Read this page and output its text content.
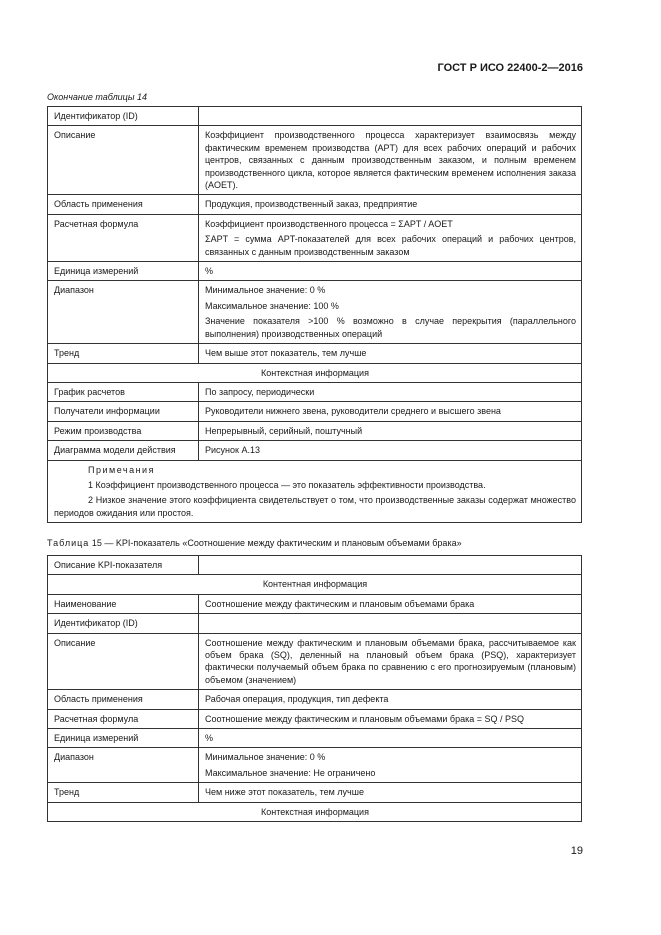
ГОСТ Р ИСО 22400-2—2016
Окончание таблицы 14
Идентификатор (ID)	

Описание	Коэффициент производственного процесса характеризует взаимосвязь между фактическим временем производства (APT) для всех рабочих операций и рабочих центров, связанных с данным производственным заказом, и полным временем производственного цикла, которое является фактическим временем исполнения заказа (AOET).

Область применения	Продукция, производственный заказ, предприятие

Расчетная формула	Коэффициент производственного процесса = ΣAPT / AOET

ΣAPT = сумма APT-показателей для всех рабочих операций и рабочих центров, связанных с данным производственным заказом

Единица измерений	%

Диапазон	Минимальное значение: 0 %

Максимальное значение: 100 %

Значение показателя >100 % возможно в случае перекрытия (параллельного выполнения) производственных операций

Тренд	Чем выше этот показатель, тем лучше

Контекстная информация	
График расчетов	По запросу, периодически

Получатели информации	Руководители нижнего звена, руководители среднего и высшего звена

Режим производства	Непрерывный, серийный, поштучный

Диаграмма модели действия	Рисунок А.13

Примечания

1 Коэффициент производственного процесса — это показатель эффективности производства.

2 Низкое значение этого коэффициента свидетельствует о том, что производственные заказы содержат множество периодов ожидания или простоя.	

Таблица 15 — KPI-показатель «Соотношение между фактическим и плановым объемами брака»
Описание KPI-показателя	

Контентная информация	
Наименование	Соотношение между фактическим и плановым объемами брака

Идентификатор (ID)	

Описание	Соотношение между фактическим и плановым объемами брака, рассчитываемое как объем брака (SQ), деленный на плановый объем брака (PSQ), характеризует фактически получаемый объем брака по сравнению с его прогнозируемым (плановым) объемом (значением)

Область применения	Рабочая операция, продукция, тип дефекта

Расчетная формула	Соотношение между фактическим и плановым объемами брака = SQ / PSQ

Единица измерений	%

Диапазон	Минимальное значение: 0 %

Максимальное значение: Не ограничено

Тренд	Чем ниже этот показатель, тем лучше

Контекстная информация	
19
